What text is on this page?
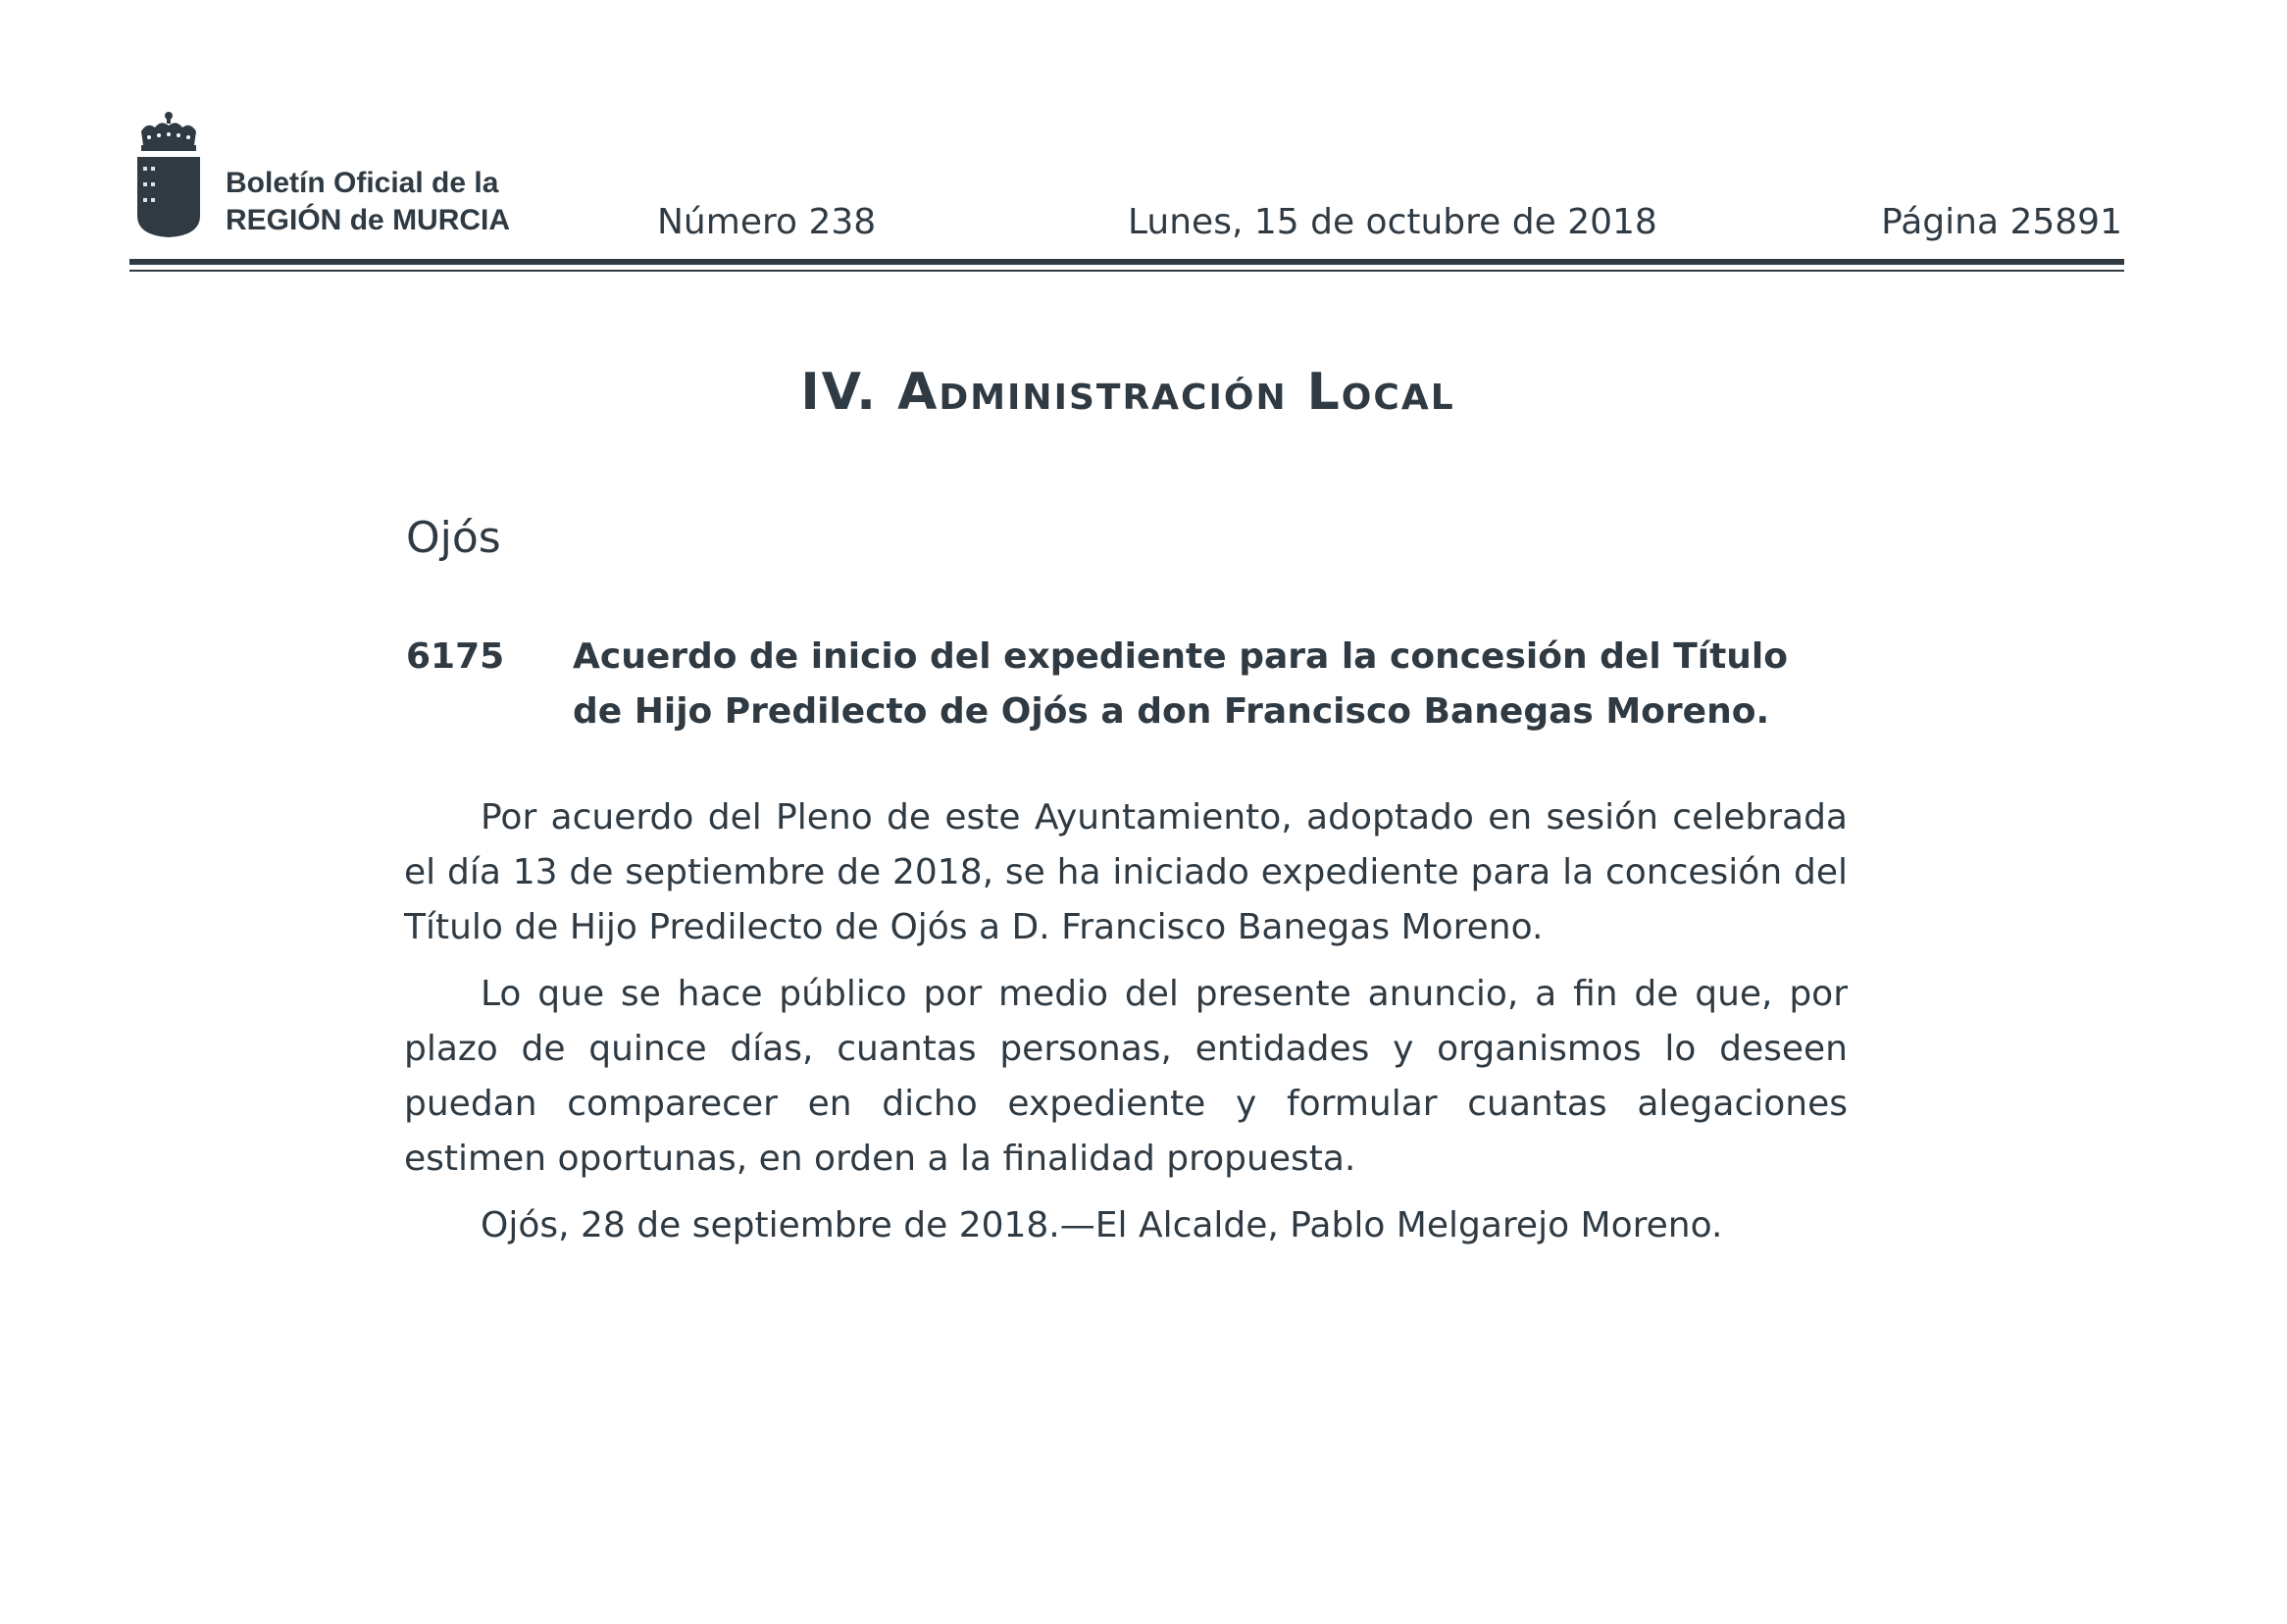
Boletín Oficial de la
REGIÓN de MURCIA	Número 238	Lunes, 15 de octubre de 2018	Página 25891
IV. Administración Local
Ojós
6175 Acuerdo de inicio del expediente para la concesión del Título de Hijo Predilecto de Ojós a don Francisco Banegas Moreno.

Por acuerdo del Pleno de este Ayuntamiento, adoptado en sesión celebrada el día 13 de septiembre de 2018, se ha iniciado expediente para la concesión del Título de Hijo Predilecto de Ojós a D. Francisco Banegas Moreno.

Lo que se hace público por medio del presente anuncio, a fin de que, por plazo de quince días, cuantas personas, entidades y organismos lo deseen puedan comparecer en dicho expediente y formular cuantas alegaciones estimen oportunas, en orden a la finalidad propuesta.

Ojós, 28 de septiembre de 2018.—El Alcalde, Pablo Melgarejo Moreno.
